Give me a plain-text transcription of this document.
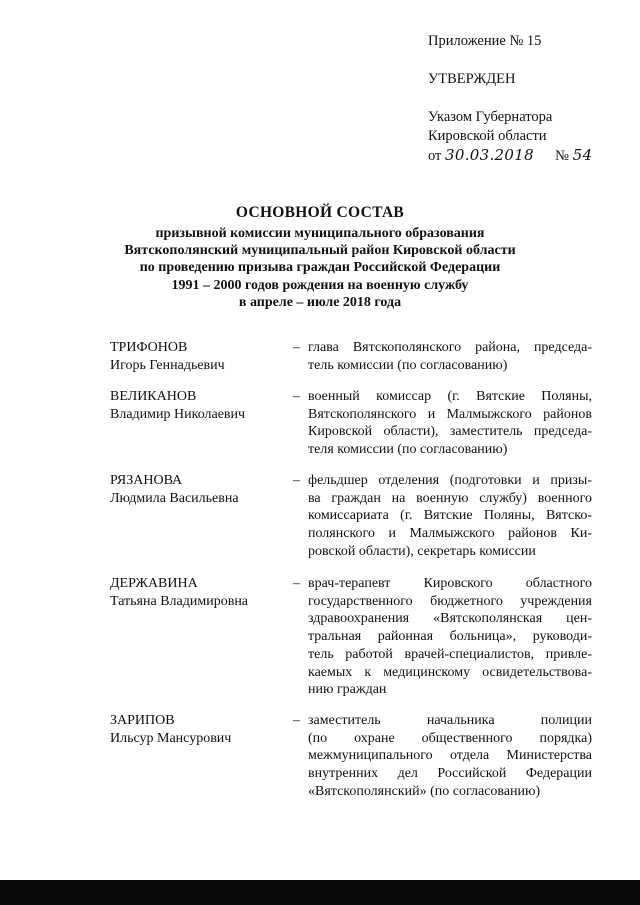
Приложение № 15
УТВЕРЖДЕН
Указом Губернатора
Кировской области
от 30.03.2018 № 54
ОСНОВНОЙ СОСТАВ
призывной комиссии муниципального образования
Вятскополянский муниципальный район Кировской области
по проведению призыва граждан Российской Федерации
1991 – 2000 годов рождения на военную службу
в апреле – июле 2018 года
ТРИФОНОВ
Игорь Геннадьевич
– глава Вятскополянского района, председа-
тель комиссии (по согласованию)
ВЕЛИКАНОВ
Владимир Николаевич
– военный комиссар (г. Вятские Поляны,
Вятскополянского и Малмыжского районов
Кировской области), заместитель председа-
теля комиссии (по согласованию)
РЯЗАНОВА
Людмила Васильевна
– фельдшер отделения (подготовки и призы-
ва граждан на военную службу) военного
комиссариата (г. Вятские Поляны, Вятско-
полянского и Малмыжского районов Ки-
ровской области), секретарь комиссии
ДЕРЖАВИНА
Татьяна Владимировна
– врач-терапевт Кировского областного
государственного бюджетного учреждения
здравоохранения «Вятскополянская цен-
тральная районная больница», руководи-
тель работой врачей-специалистов, привле-
каемых к медицинскому освидетельствова-
нию граждан
ЗАРИПОВ
Ильсур Мансурович
– заместитель начальника полиции
(по охране общественного порядка)
межмуниципального отдела Министерства
внутренних дел Российской Федерации
«Вятскополянский» (по согласованию)
